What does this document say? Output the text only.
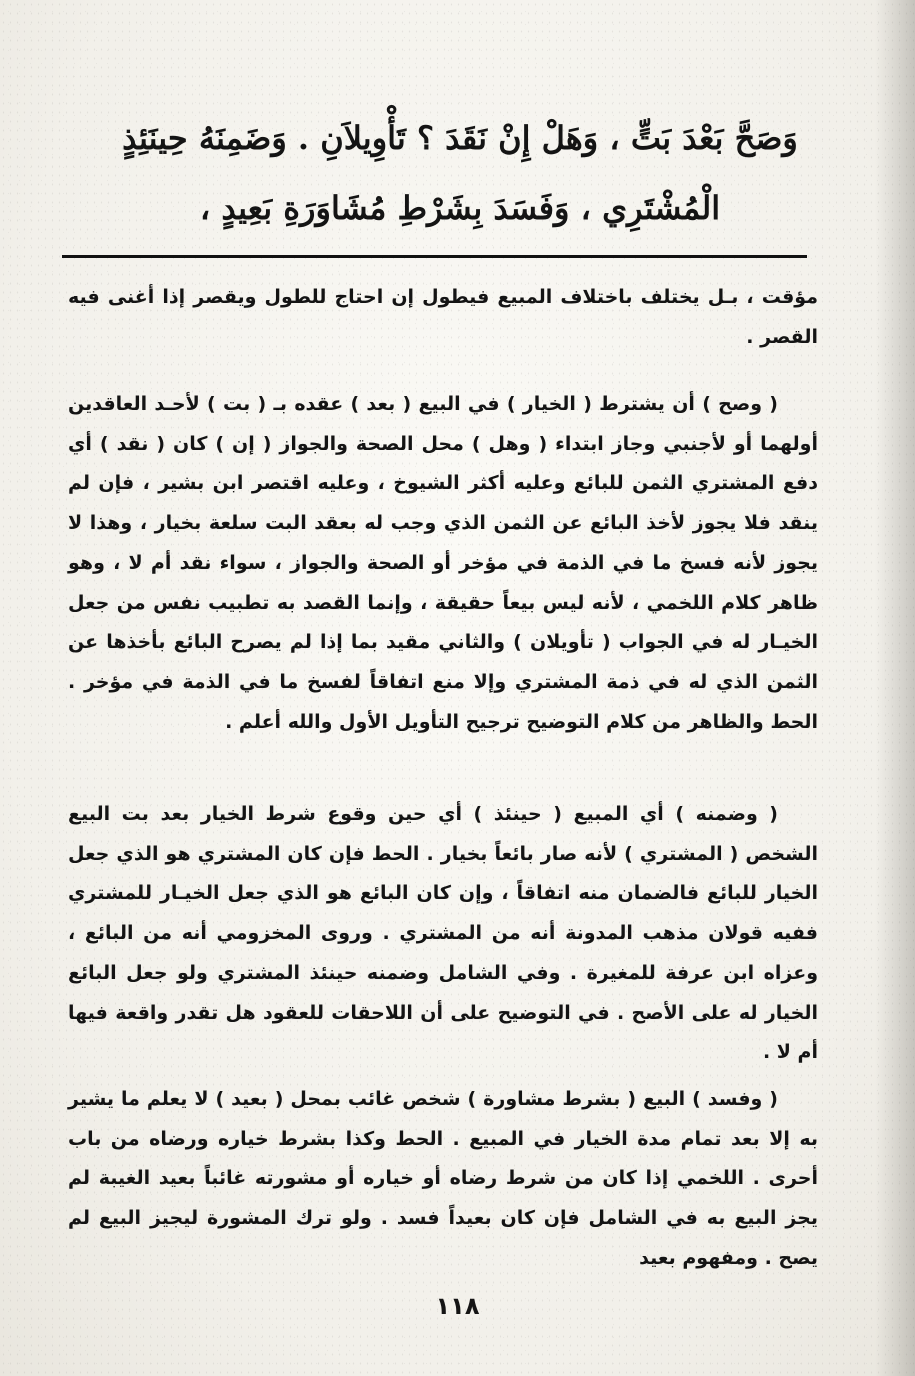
وَصَحَّ بَعْدَ بَتٍّ ، وَهَلْ إِنْ نَقَدَ ؟ تَأْوِيلاَنِ . وَضَمِنَهُ حِينَئِذٍ
الْمُشْتَرِي ، وَفَسَدَ بِشَرْطِ مُشَاوَرَةِ بَعِيدٍ ،
مؤقت ، بـل يختلف باختلاف المبيع فيطول إن احتاج للطول ويقصر إذا أغنى فيه القصر .
( وصح ) أن يشترط ( الخيار ) في البيع ( بعد ) عقده بـ ( بت ) لأحـد العاقدين أولهما أو لأجنبي وجاز ابتداء ( وهل ) محل الصحة والجواز ( إن ) كان ( نقد ) أي دفع المشتري الثمن للبائع وعليه أكثر الشيوخ ، وعليه اقتصر ابن بشير ، فإن لم ينقد فلا يجوز لأخذ البائع عن الثمن الذي وجب له بعقد البت سلعة بخيار ، وهذا لا يجوز لأنه فسخ ما في الذمة في مؤخر أو الصحة والجواز ، سواء نقد أم لا ، وهو ظاهر كلام اللخمي ، لأنه ليس بيعاً حقيقة ، وإنما القصد به تطبيب نفس من جعل الخيـار له في الجواب ( تأويلان ) والثاني مقيد بما إذا لم يصرح البائع بأخذها عن الثمن الذي له في ذمة المشتري وإلا منع اتفاقاً لفسخ ما في الذمة في مؤخر . الحط والظاهر من كلام التوضيح ترجيح التأويل الأول والله أعلم .
( وضمنه ) أي المبيع ( حينئذ ) أي حين وقوع شرط الخيار بعد بت البيع الشخص ( المشتري ) لأنه صار بائعاً بخيار . الحط فإن كان المشتري هو الذي جعل الخيار للبائع فالضمان منه اتفاقاً ، وإن كان البائع هو الذي جعل الخيـار للمشتري ففيه قولان مذهب المدونة أنه من المشتري . وروى المخزومي أنه من البائع ، وعزاه ابن عرفة للمغيرة . وفي الشامل وضمنه حينئذ المشتري ولو جعل البائع الخيار له على الأصح . في التوضيح على أن اللاحقات للعقود هل تقدر واقعة فيها أم لا .
( وفسد ) البيع ( بشرط مشاورة ) شخص غائب بمحل ( بعيد ) لا يعلم ما يشير به إلا بعد تمام مدة الخيار في المبيع . الحط وكذا بشرط خياره ورضاه من باب أحرى . اللخمي إذا كان من شرط رضاه أو خياره أو مشورته غائباً بعيد الغيبة لم يجز البيع به في الشامل فإن كان بعيداً فسد . ولو ترك المشورة ليجيز البيع لم يصح . ومفهوم بعيد
١١٨
